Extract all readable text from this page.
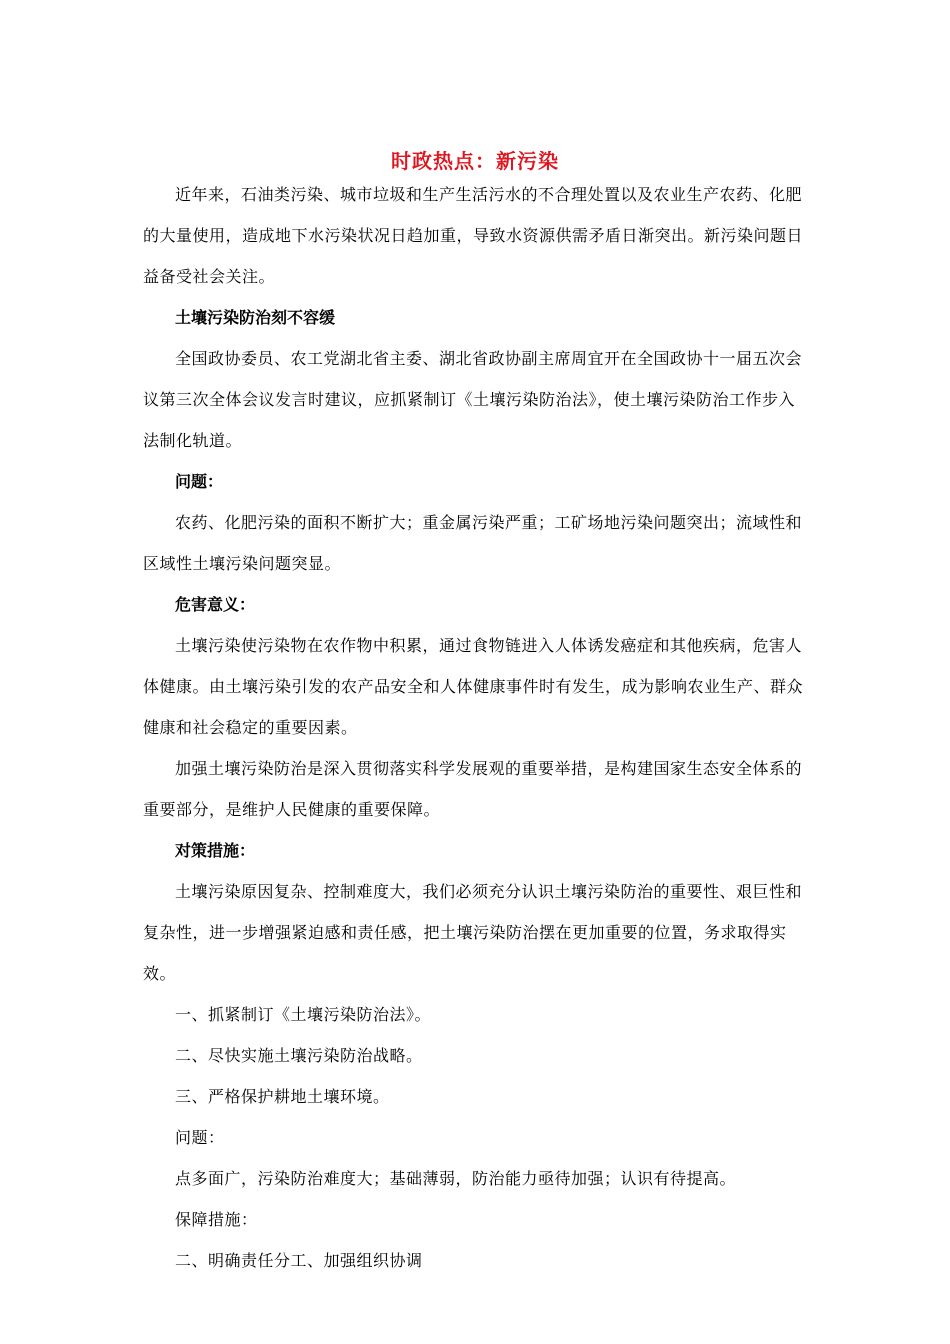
时政热点：新污染

近年来，石油类污染、城市垃圾和生产生活污水的不合理处置以及农业生产农药、化肥的大量使用，造成地下水污染状况日趋加重，导致水资源供需矛盾日渐突出。新污染问题日益备受社会关注。

土壤污染防治刻不容缓

全国政协委员、农工党湖北省主委、湖北省政协副主席周宜开在全国政协十一届五次会议第三次全体会议发言时建议，应抓紧制订《土壤污染防治法》，使土壤污染防治工作步入法制化轨道。

问题：

农药、化肥污染的面积不断扩大；重金属污染严重；工矿场地污染问题突出；流域性和区域性土壤污染问题突显。

危害意义：

土壤污染使污染物在农作物中积累，通过食物链进入人体诱发癌症和其他疾病，危害人体健康。由土壤污染引发的农产品安全和人体健康事件时有发生，成为影响农业生产、群众健康和社会稳定的重要因素。

加强土壤污染防治是深入贯彻落实科学发展观的重要举措，是构建国家生态安全体系的重要部分，是维护人民健康的重要保障。

对策措施：

土壤污染原因复杂、控制难度大，我们必须充分认识土壤污染防治的重要性、艰巨性和复杂性，进一步增强紧迫感和责任感，把土壤污染防治摆在更加重要的位置，务求取得实效。

一、抓紧制订《土壤污染防治法》。

二、尽快实施土壤污染防治战略。

三、严格保护耕地土壤环境。

问题：

点多面广，污染防治难度大；基础薄弱，防治能力亟待加强；认识有待提高。

保障措施：

二、明确责任分工、加强组织协调
